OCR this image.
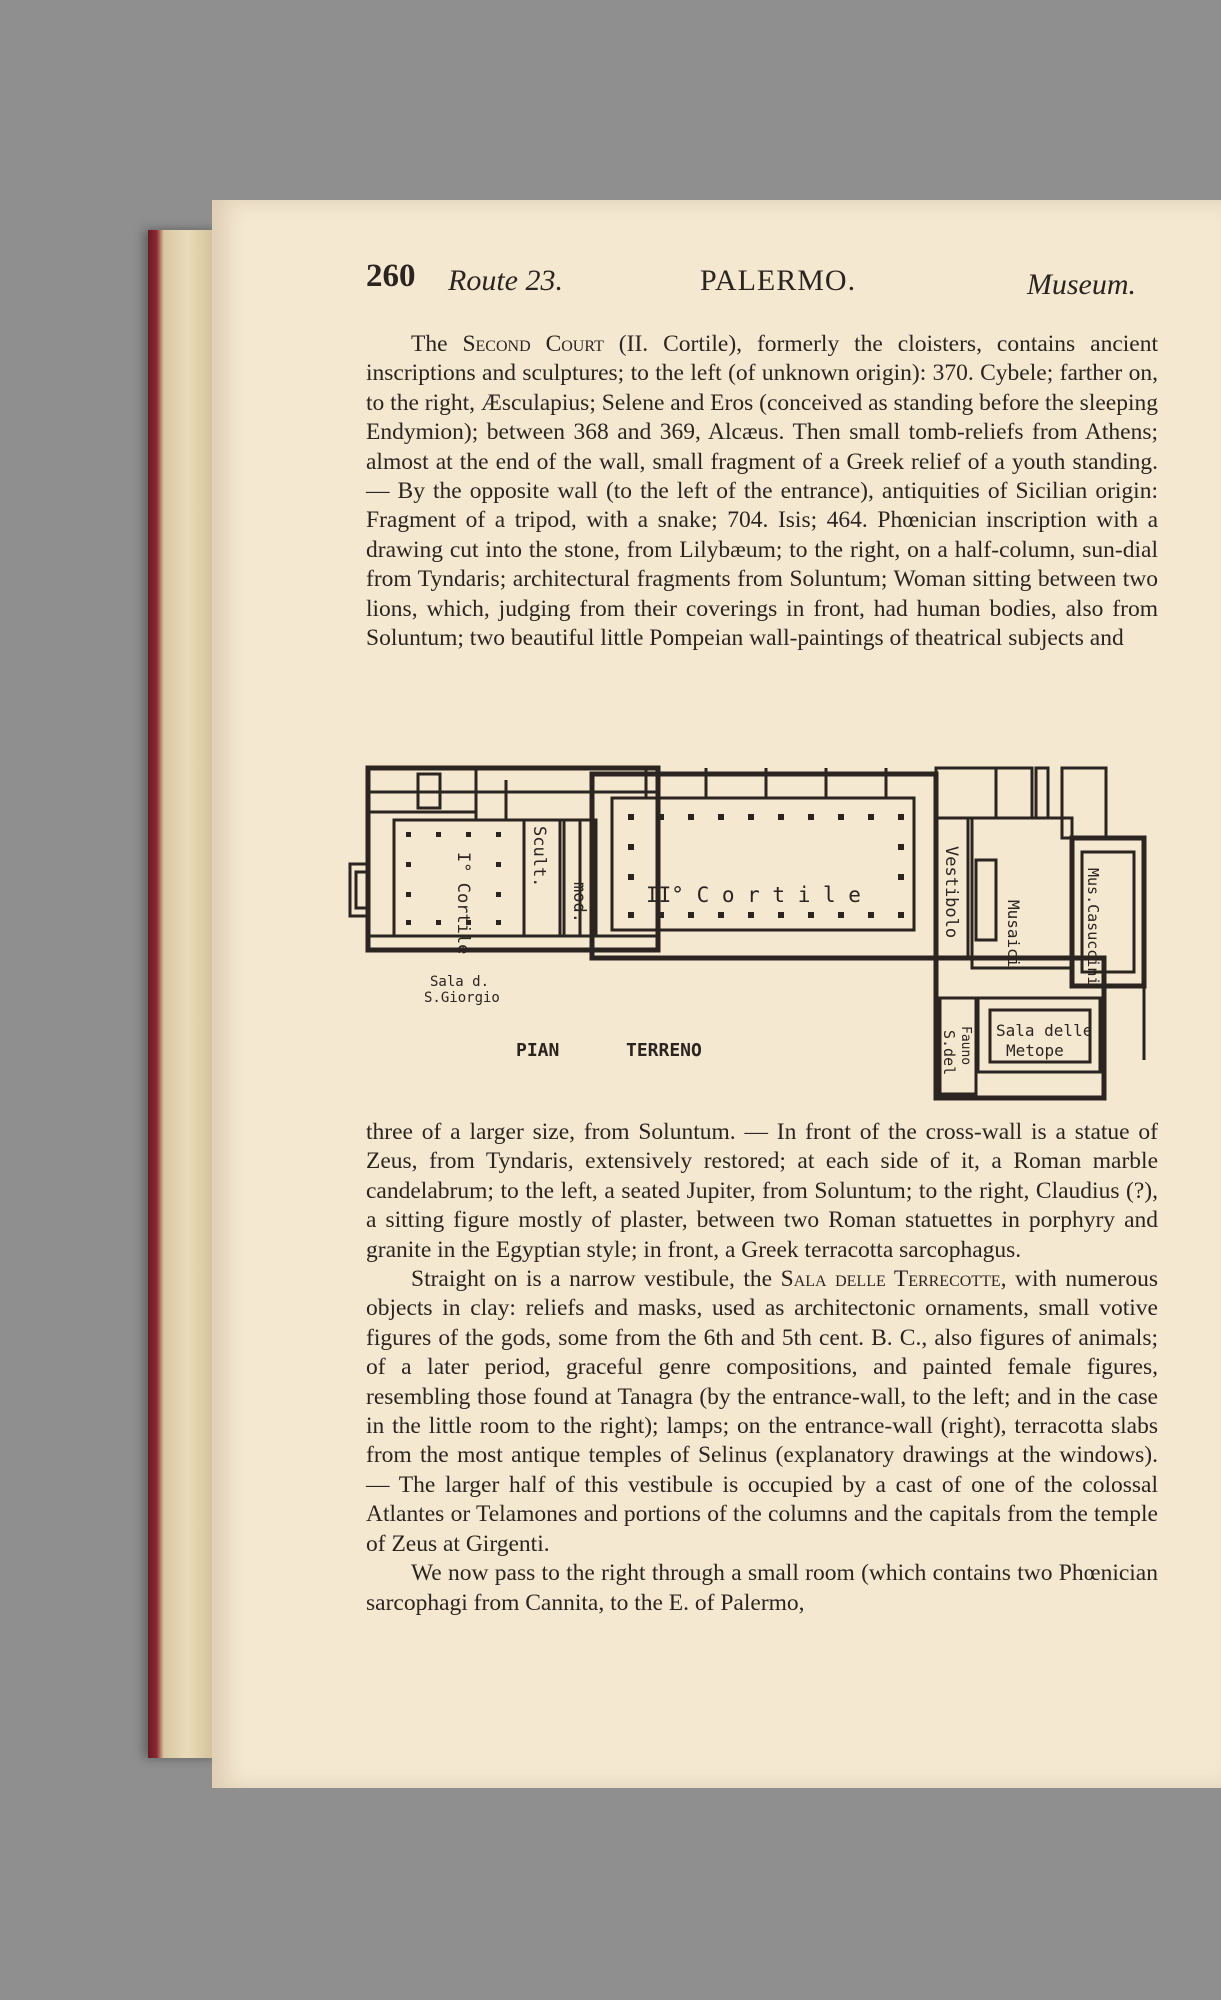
260 Route 23.	PALERMO.	Museum.
The Second Court (II. Cortile), formerly the cloisters, contains ancient inscriptions and sculptures; to the left (of unknown origin): 370. Cybele; farther on, to the right, Æsculapius; Selene and Eros (conceived as standing before the sleeping Endymion); between 368 and 369, Alcæus. Then small tomb-reliefs from Athens; almost at the end of the wall, small fragment of a Greek relief of a youth standing. — By the opposite wall (to the left of the entrance), antiquities of Sicilian origin: Fragment of a tripod, with a snake; 704. Isis; 464. Phœnician inscription with a drawing cut into the stone, from Lilybæum; to the right, on a half-column, sun-dial from Tyndaris; architectural fragments from Soluntum; Woman sitting between two lions, which, judging from their coverings in front, had human bodies, also from Soluntum; two beautiful little Pompeian wall-paintings of theatrical subjects and
I° Cortile	Scult.
mod.
Sala d.
S.Giorgio
II° C o r t i l e	Vestibolo	Musaici	Mus.Casuccini
S.del Fauno Sala delle
Metope
PIAN	TERRENO
three of a larger size, from Soluntum. — In front of the cross-wall is a statue of Zeus, from Tyndaris, extensively restored; at each side of it, a Roman marble candelabrum; to the left, a seated Jupiter, from Soluntum; to the right, Claudius (?), a sitting figure mostly of plaster, between two Roman statuettes in porphyry and granite in the Egyptian style; in front, a Greek terracotta sarcophagus.
Straight on is a narrow vestibule, the Sala delle Terrecotte, with numerous objects in clay: reliefs and masks, used as architectonic ornaments, small votive figures of the gods, some from the 6th and 5th cent. B. C., also figures of animals; of a later period, graceful genre compositions, and painted female figures, resembling those found at Tanagra (by the entrance-wall, to the left; and in the case in the little room to the right); lamps; on the entrance-wall (right), terracotta slabs from the most antique temples of Selinus (explanatory drawings at the windows). — The larger half of this vestibule is occupied by a cast of one of the colossal Atlantes or Telamones and portions of the columns and the capitals from the temple of Zeus at Girgenti.
We now pass to the right through a small room (which contains two Phœnician sarcophagi from Cannita, to the E. of Palermo,
